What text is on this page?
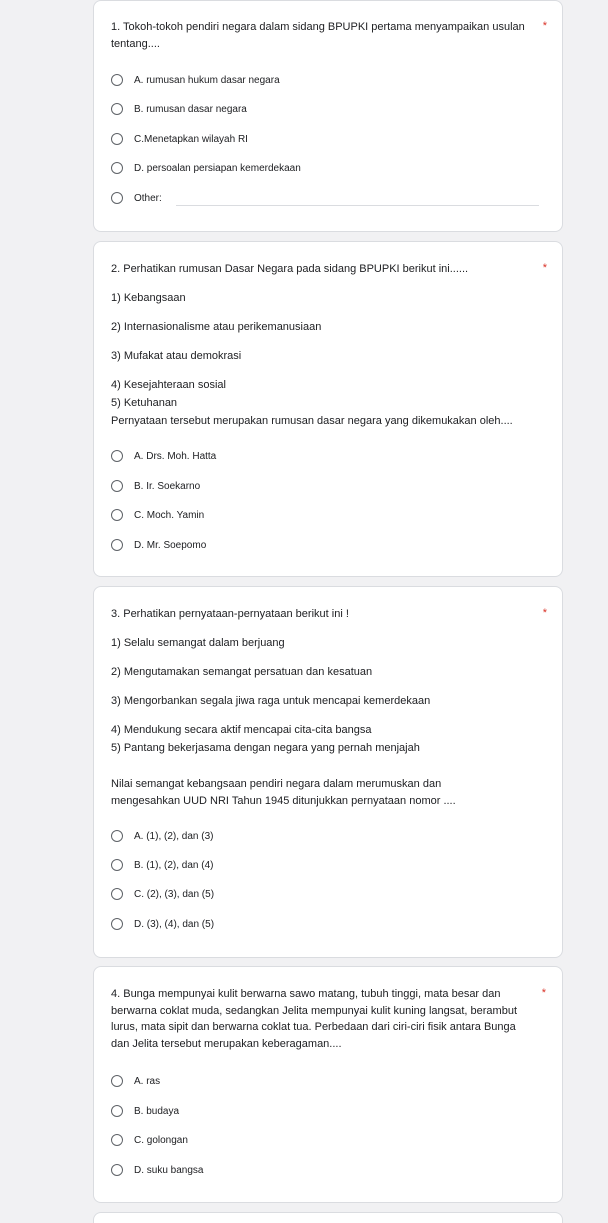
1. Tokoh-tokoh pendiri negara dalam sidang BPUPKI pertama menyampaikan usulan tentang....
*
A. rumusan hukum dasar negara
B. rumusan dasar negara
C.Menetapkan wilayah RI
D. persoalan persiapan kemerdekaan
Other:
2. Perhatikan rumusan Dasar Negara pada sidang BPUPKI berikut ini......	*
1) Kebangsaan
2) Internasionalisme atau perikemanusiaan
3) Mufakat atau demokrasi
4) Kesejahteraan sosial
5) Ketuhanan
Pernyataan tersebut merupakan rumusan dasar negara yang dikemukakan oleh....
A. Drs. Moh. Hatta
B. Ir. Soekarno
C. Moch. Yamin
D. Mr. Soepomo
3. Perhatikan pernyataan-pernyataan berikut ini !	*
1) Selalu semangat dalam berjuang
2) Mengutamakan semangat persatuan dan kesatuan
3) Mengorbankan segala jiwa raga untuk mencapai kemerdekaan
4) Mendukung secara aktif mencapai cita-cita bangsa
5) Pantang bekerjasama dengan negara yang pernah menjajah
Nilai semangat kebangsaan pendiri negara dalam merumuskan dan mengesahkan UUD NRI Tahun 1945 ditunjukkan pernyataan nomor ....
A. (1), (2), dan (3)
B. (1), (2), dan (4)
C. (2), (3), dan (5)
D. (3), (4), dan (5)
4. Bunga mempunyai kulit berwarna sawo matang, tubuh tinggi, mata besar dan berwarna coklat muda, sedangkan Jelita mempunyai kulit kuning langsat, berambut lurus, mata sipit dan berwarna coklat tua. Perbedaan dari ciri-ciri fisik antara Bunga dan Jelita tersebut merupakan keberagaman....
*
A. ras
B. budaya
C. golongan
D. suku bangsa
